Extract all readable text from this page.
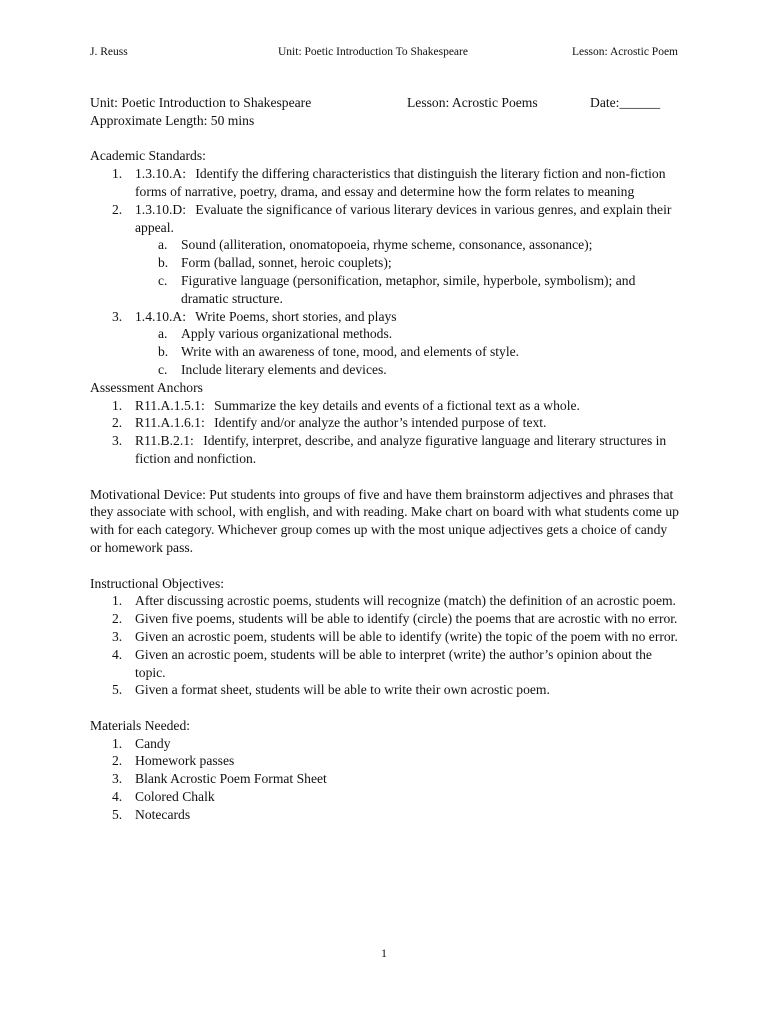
J. Reuss	Unit: Poetic Introduction To Shakespeare	Lesson: Acrostic Poem
Unit: Poetic Introduction to Shakespeare	Lesson: Acrostic Poems	Date:______
Approximate Length: 50 mins
Academic Standards:
1. 1.3.10.A: Identify the differing characteristics that distinguish the literary fiction and non-fiction forms of narrative, poetry, drama, and essay and determine how the form relates to meaning
2. 1.3.10.D: Evaluate the significance of various literary devices in various genres, and explain their appeal.
a. Sound (alliteration, onomatopoeia, rhyme scheme, consonance, assonance);
b. Form (ballad, sonnet, heroic couplets);
c. Figurative language (personification, metaphor, simile, hyperbole, symbolism); and dramatic structure.
3. 1.4.10.A: Write Poems, short stories, and plays
a. Apply various organizational methods.
b. Write with an awareness of tone, mood, and elements of style.
c. Include literary elements and devices.
Assessment Anchors
1. R11.A.1.5.1: Summarize the key details and events of a fictional text as a whole.
2. R11.A.1.6.1: Identify and/or analyze the author’s intended purpose of text.
3. R11.B.2.1: Identify, interpret, describe, and analyze figurative language and literary structures in fiction and nonfiction.
Motivational Device: Put students into groups of five and have them brainstorm adjectives and phrases that they associate with school, with english, and with reading. Make chart on board with what students come up with for each category. Whichever group comes up with the most unique adjectives gets a choice of candy or homework pass.
Instructional Objectives:
1. After discussing acrostic poems, students will recognize (match) the definition of an acrostic poem.
2. Given five poems, students will be able to identify (circle) the poems that are acrostic with no error.
3. Given an acrostic poem, students will be able to identify (write) the topic of the poem with no error.
4. Given an acrostic poem, students will be able to interpret (write) the author’s opinion about the topic.
5. Given a format sheet, students will be able to write their own acrostic poem.
Materials Needed:
1. Candy
2. Homework passes
3. Blank Acrostic Poem Format Sheet
4. Colored Chalk
5. Notecards
1
